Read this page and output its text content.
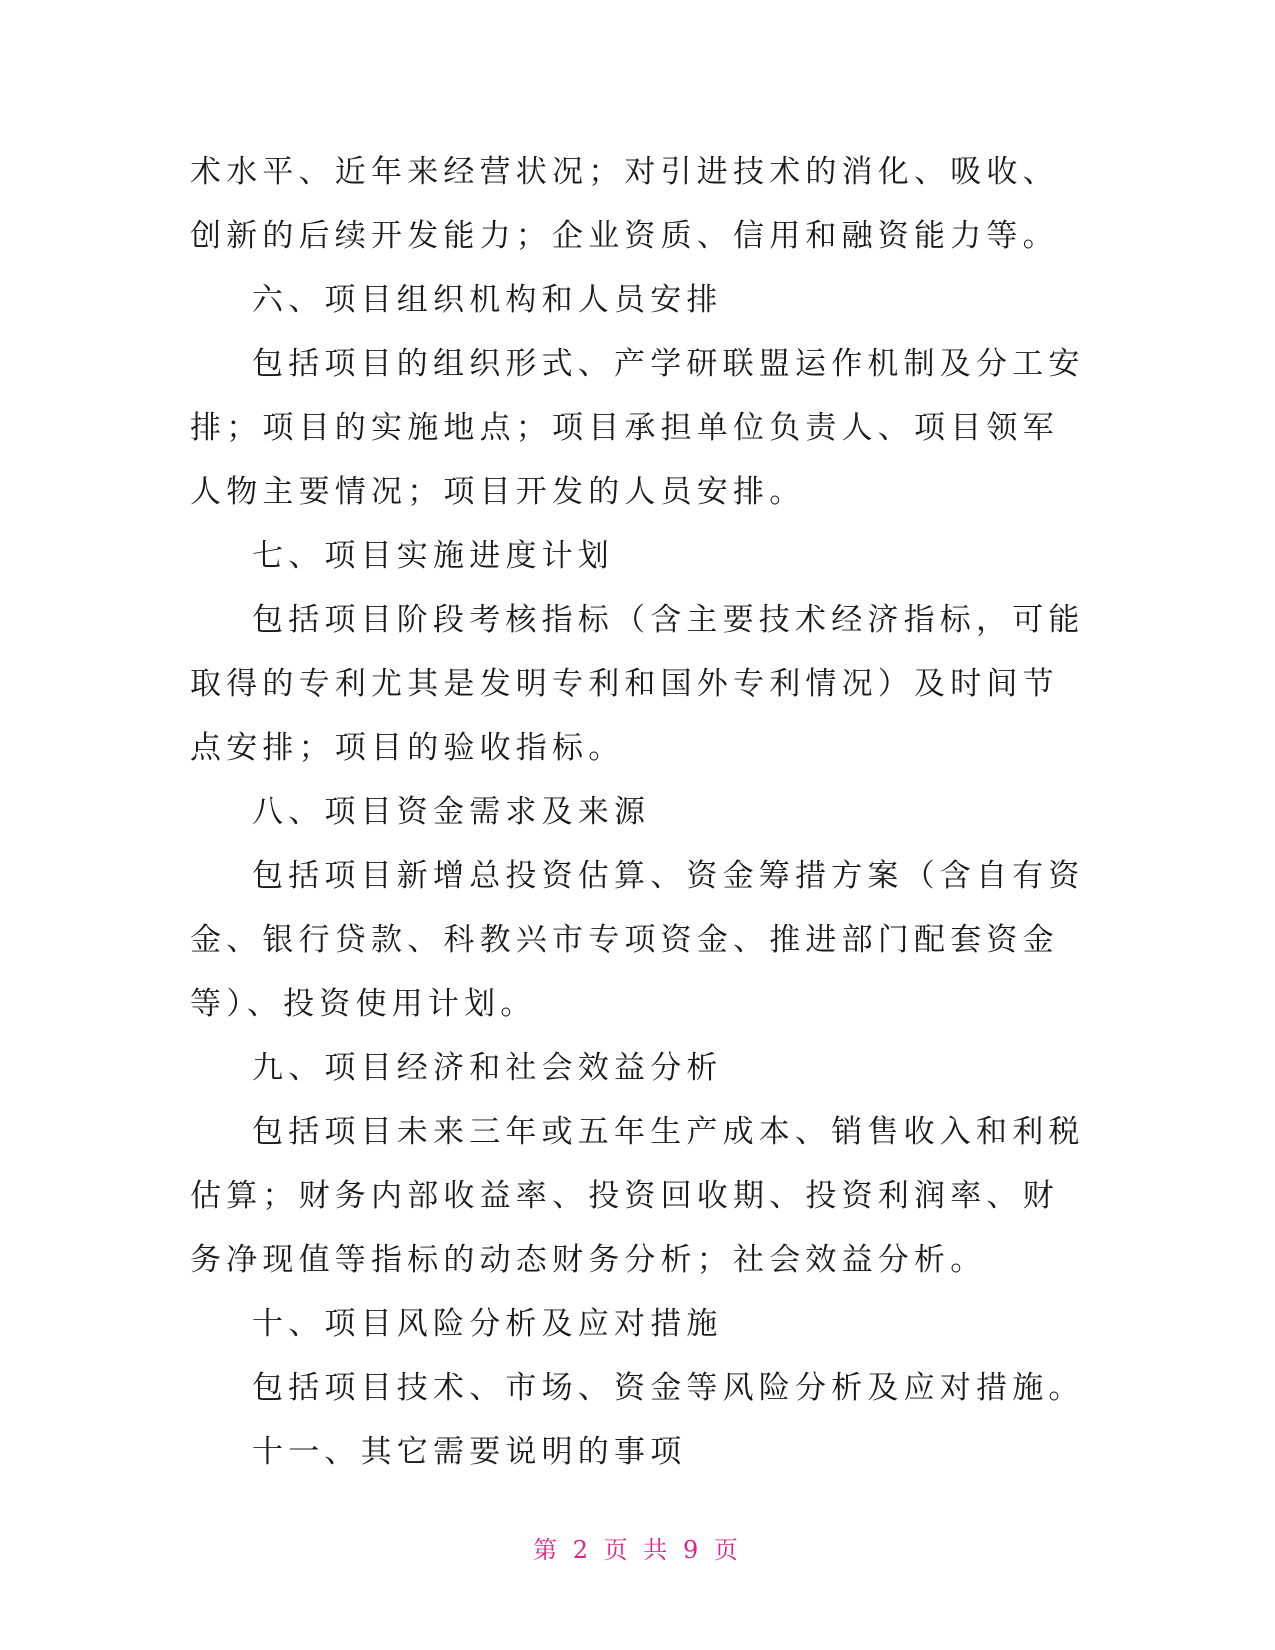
术水平、近年来经营状况；对引进技术的消化、吸收、创新的后续开发能力；企业资质、信用和融资能力等。

六、项目组织机构和人员安排

包括项目的组织形式、产学研联盟运作机制及分工安排；项目的实施地点；项目承担单位负责人、项目领军人物主要情况；项目开发的人员安排。

七、项目实施进度计划

包括项目阶段考核指标（含主要技术经济指标，可能取得的专利尤其是发明专利和国外专利情况）及时间节点安排；项目的验收指标。

八、项目资金需求及来源

包括项目新增总投资估算、资金筹措方案（含自有资金、银行贷款、科教兴市专项资金、推进部门配套资金等）、投资使用计划。

九、项目经济和社会效益分析

包括项目未来三年或五年生产成本、销售收入和利税估算；财务内部收益率、投资回收期、投资利润率、财务净现值等指标的动态财务分析；社会效益分析。

十、项目风险分析及应对措施

包括项目技术、市场、资金等风险分析及应对措施。

十一、其它需要说明的事项

第 2 页 共 9 页
